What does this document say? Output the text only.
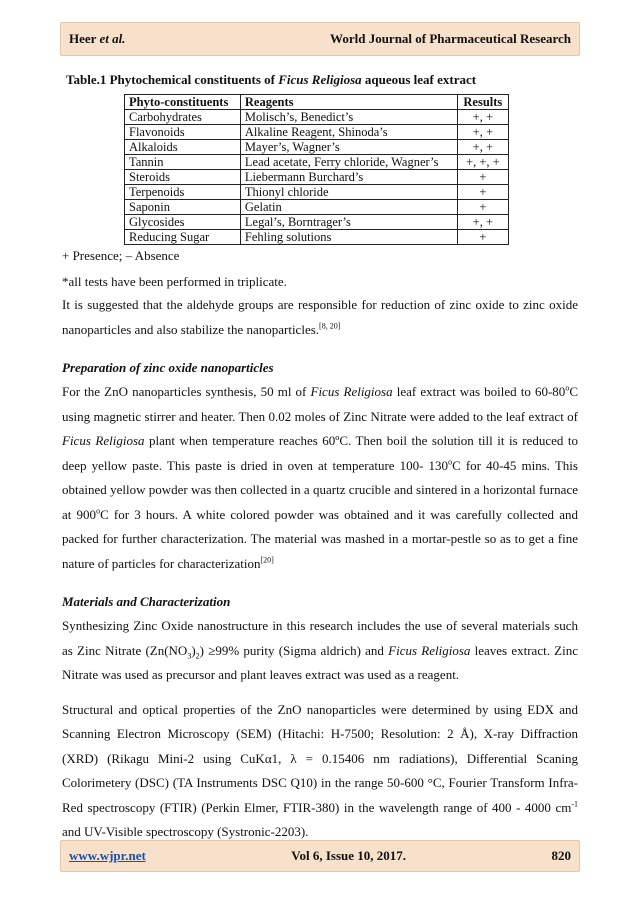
Heer et al.	World Journal of Pharmaceutical Research
Table.1 Phytochemical constituents of Ficus Religiosa aqueous leaf extract
Phyto-constituents	Reagents	Results
Carbohydrates	Molisch’s, Benedict’s	+, +
Flavonoids	Alkaline Reagent, Shinoda’s	+, +
Alkaloids	Mayer’s, Wagner’s	+, +
Tannin	Lead acetate, Ferry chloride, Wagner’s	+, +, +
Steroids	Liebermann Burchard’s	+
Terpenoids	Thionyl chloride	+
Saponin	Gelatin	+
Glycosides	Legal’s, Borntrager’s	+, +
Reducing Sugar	Fehling solutions	+

+ Presence; – Absence

*all tests have been performed in triplicate.

It is suggested that the aldehyde groups are responsible for reduction of zinc oxide to zinc oxide nanoparticles and also stabilize the nanoparticles.[8, 20]

Preparation of zinc oxide nanoparticles

For the ZnO nanoparticles synthesis, 50 ml of Ficus Religiosa leaf extract was boiled to 60-80$^o$C using magnetic stirrer and heater. Then 0.02 moles of Zinc Nitrate were added to the leaf extract of Ficus Religiosa plant when temperature reaches 60ºC. Then boil the solution till it is reduced to deep yellow paste. This paste is dried in oven at temperature 100- 130$^o$C for 40-45 mins. This obtained yellow powder was then collected in a quartz crucible and sintered in a horizontal furnace at 900$^o$C for 3 hours. A white colored powder was obtained and it was carefully collected and packed for further characterization. The material was mashed in a mortar-pestle so as to get a fine nature of particles for characterization[20]

Materials and Characterization

Synthesizing Zinc Oxide nanostructure in this research includes the use of several materials such as Zinc Nitrate $(Zn(NO_3)_2) \ge 99\%$ purity (Sigma aldrich) and Ficus Religiosa leaves extract. Zinc Nitrate was used as precursor and plant leaves extract was used as a reagent.

Structural and optical properties of the ZnO nanoparticles were determined by using EDX and Scanning Electron Microscopy (SEM) (Hitachi: H-7500; Resolution: 2 Å), X-ray Diffraction (XRD) (Rikagu Mini-2 using CuKα1, λ = 0.15406 nm radiations), Differential Scaning Colorimetery (DSC) (TA Instruments DSC Q10) in the range 50-600 °C, Fourier Transform Infra-Red spectroscopy (FTIR) (Perkin Elmer, FTIR-380) in the wavelength range of 400 - 4000 $cm^{-1}$ and UV-Visible spectroscopy (Systronic-2203).

www.wjpr.net	Vol 6, Issue 10, 2017.	820
